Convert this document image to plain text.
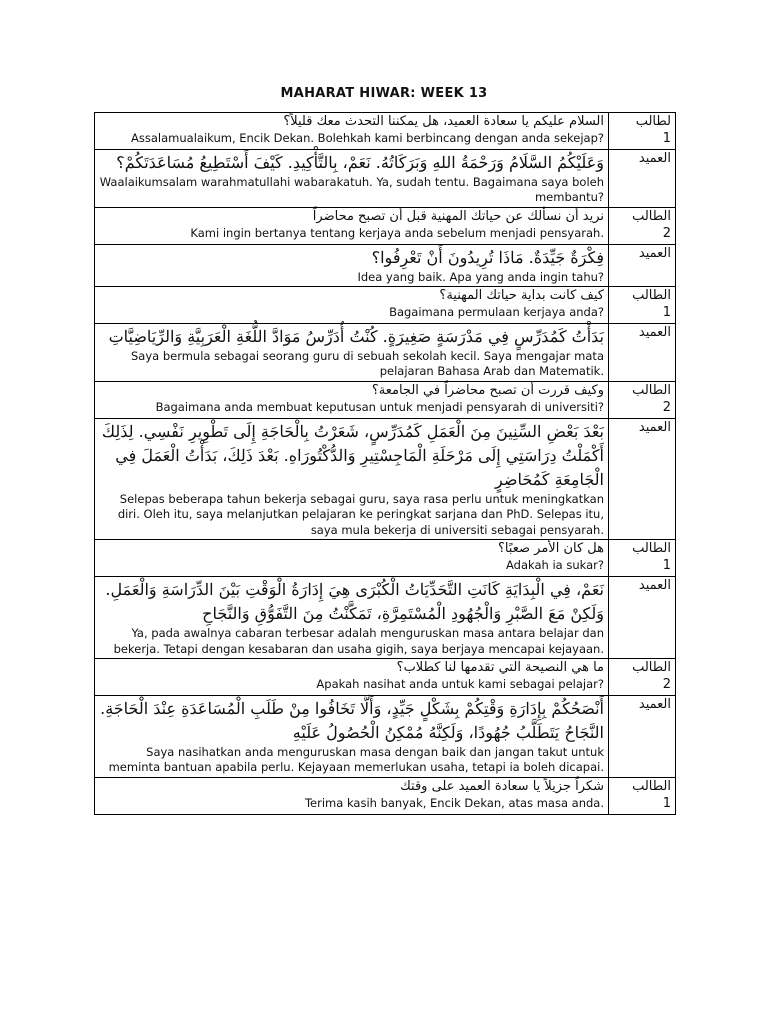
MAHARAT HIWAR: WEEK 13
السلام عليكم يا سعادة العميد، هل يمكننا التحدث معك قليلاً؟
Assalamualaikum, Encik Dekan. Bolehkah kami berbincang dengan anda sekejap?	لطالب
1

وَعَلَيْكُمُ السَّلَامُ وَرَحْمَةُ اللهِ وَبَرَكَاتُهُ. نَعَمْ، بِالتَّأْكِيدِ. كَيْفَ أَسْتَطِيعُ مُسَاعَدَتَكُمْ؟
Waalaikumsalam warahmatullahi wabarakatuh. Ya, sudah tentu. Bagaimana saya boleh membantu?	العميد

نريد أن نسألك عن حياتك المهنية قبل أن تصبح محاضراً
Kami ingin bertanya tentang kerjaya anda sebelum menjadi pensyarah.	الطالب
2

فِكْرَةٌ جَيِّدَةٌ. مَاذَا تُرِيدُونَ أَنْ تَعْرِفُوا؟
Idea yang baik. Apa yang anda ingin tahu?	العميد

كيف كانت بداية حياتك المهنية؟
Bagaimana permulaan kerjaya anda?	الطالب
1

بَدَأْتُ كَمُدَرِّسٍ فِي مَدْرَسَةٍ صَغِيرَةٍ. كُنْتُ أُدَرِّسُ مَوَادَّ اللُّغَةِ الْعَرَبِيَّةِ وَالرِّيَاضِيَّاتِ
Saya bermula sebagai seorang guru di sebuah sekolah kecil. Saya mengajar mata pelajaran Bahasa Arab dan Matematik.	العميد

وكيف قررت أن تصبح محاضراً في الجامعة؟
Bagaimana anda membuat keputusan untuk menjadi pensyarah di universiti?	الطالب
2

بَعْدَ بَعْضِ السِّنِينَ مِنَ الْعَمَلِ كَمُدَرِّسٍ، شَعَرْتُ بِالْحَاجَةِ إِلَى تَطْوِيرِ نَفْسِي. لِذَلِكَ أَكْمَلْتُ دِرَاسَتِي إِلَى مَرْحَلَةِ الْمَاجِسْتِيرِ وَالدُّكْتُورَاهِ. بَعْدَ ذَلِكَ، بَدَأْتُ الْعَمَلَ فِي الْجَامِعَةِ كَمُحَاضِرٍ
Selepas beberapa tahun bekerja sebagai guru, saya rasa perlu untuk meningkatkan diri. Oleh itu, saya melanjutkan pelajaran ke peringkat sarjana dan PhD. Selepas itu, saya mula bekerja di universiti sebagai pensyarah.	العميد

هل كان الأمر صعبًا؟
Adakah ia sukar?	الطالب
1

نَعَمْ، فِي الْبِدَايَةِ كَانَتِ التَّحَدِّيَاتُ الْكُبْرَى هِيَ إِدَارَةُ الْوَقْتِ بَيْنَ الدِّرَاسَةِ وَالْعَمَلِ. وَلَكِنْ مَعَ الصَّبْرِ وَالْجُهُودِ الْمُسْتَمِرَّةِ، تَمَكَّنْتُ مِنَ التَّفَوُّقِ وَالنَّجَاحِ
Ya, pada awalnya cabaran terbesar adalah menguruskan masa antara belajar dan bekerja. Tetapi dengan kesabaran dan usaha gigih, saya berjaya mencapai kejayaan.	العميد

ما هي النصيحة التي تقدمها لنا كطلاب؟
Apakah nasihat anda untuk kami sebagai pelajar?	الطالب
2

أَنْصَحُكُمْ بِإِدَارَةِ وَقْتِكُمْ بِشَكْلٍ جَيِّدٍ، وَأَلَّا تَخَافُوا مِنْ طَلَبِ الْمُسَاعَدَةِ عِنْدَ الْحَاجَةِ. النَّجَاحُ يَتَطَلَّبُ جُهُودًا، وَلَكِنَّهُ مُمْكِنُ الْحُصُولُ عَلَيْهِ
Saya nasihatkan anda menguruskan masa dengan baik dan jangan takut untuk meminta bantuan apabila perlu. Kejayaan memerlukan usaha, tetapi ia boleh dicapai.	العميد

شكراً جزيلاً يا سعادة العميد على وقتك
Terima kasih banyak, Encik Dekan, atas masa anda.	الطالب
1
